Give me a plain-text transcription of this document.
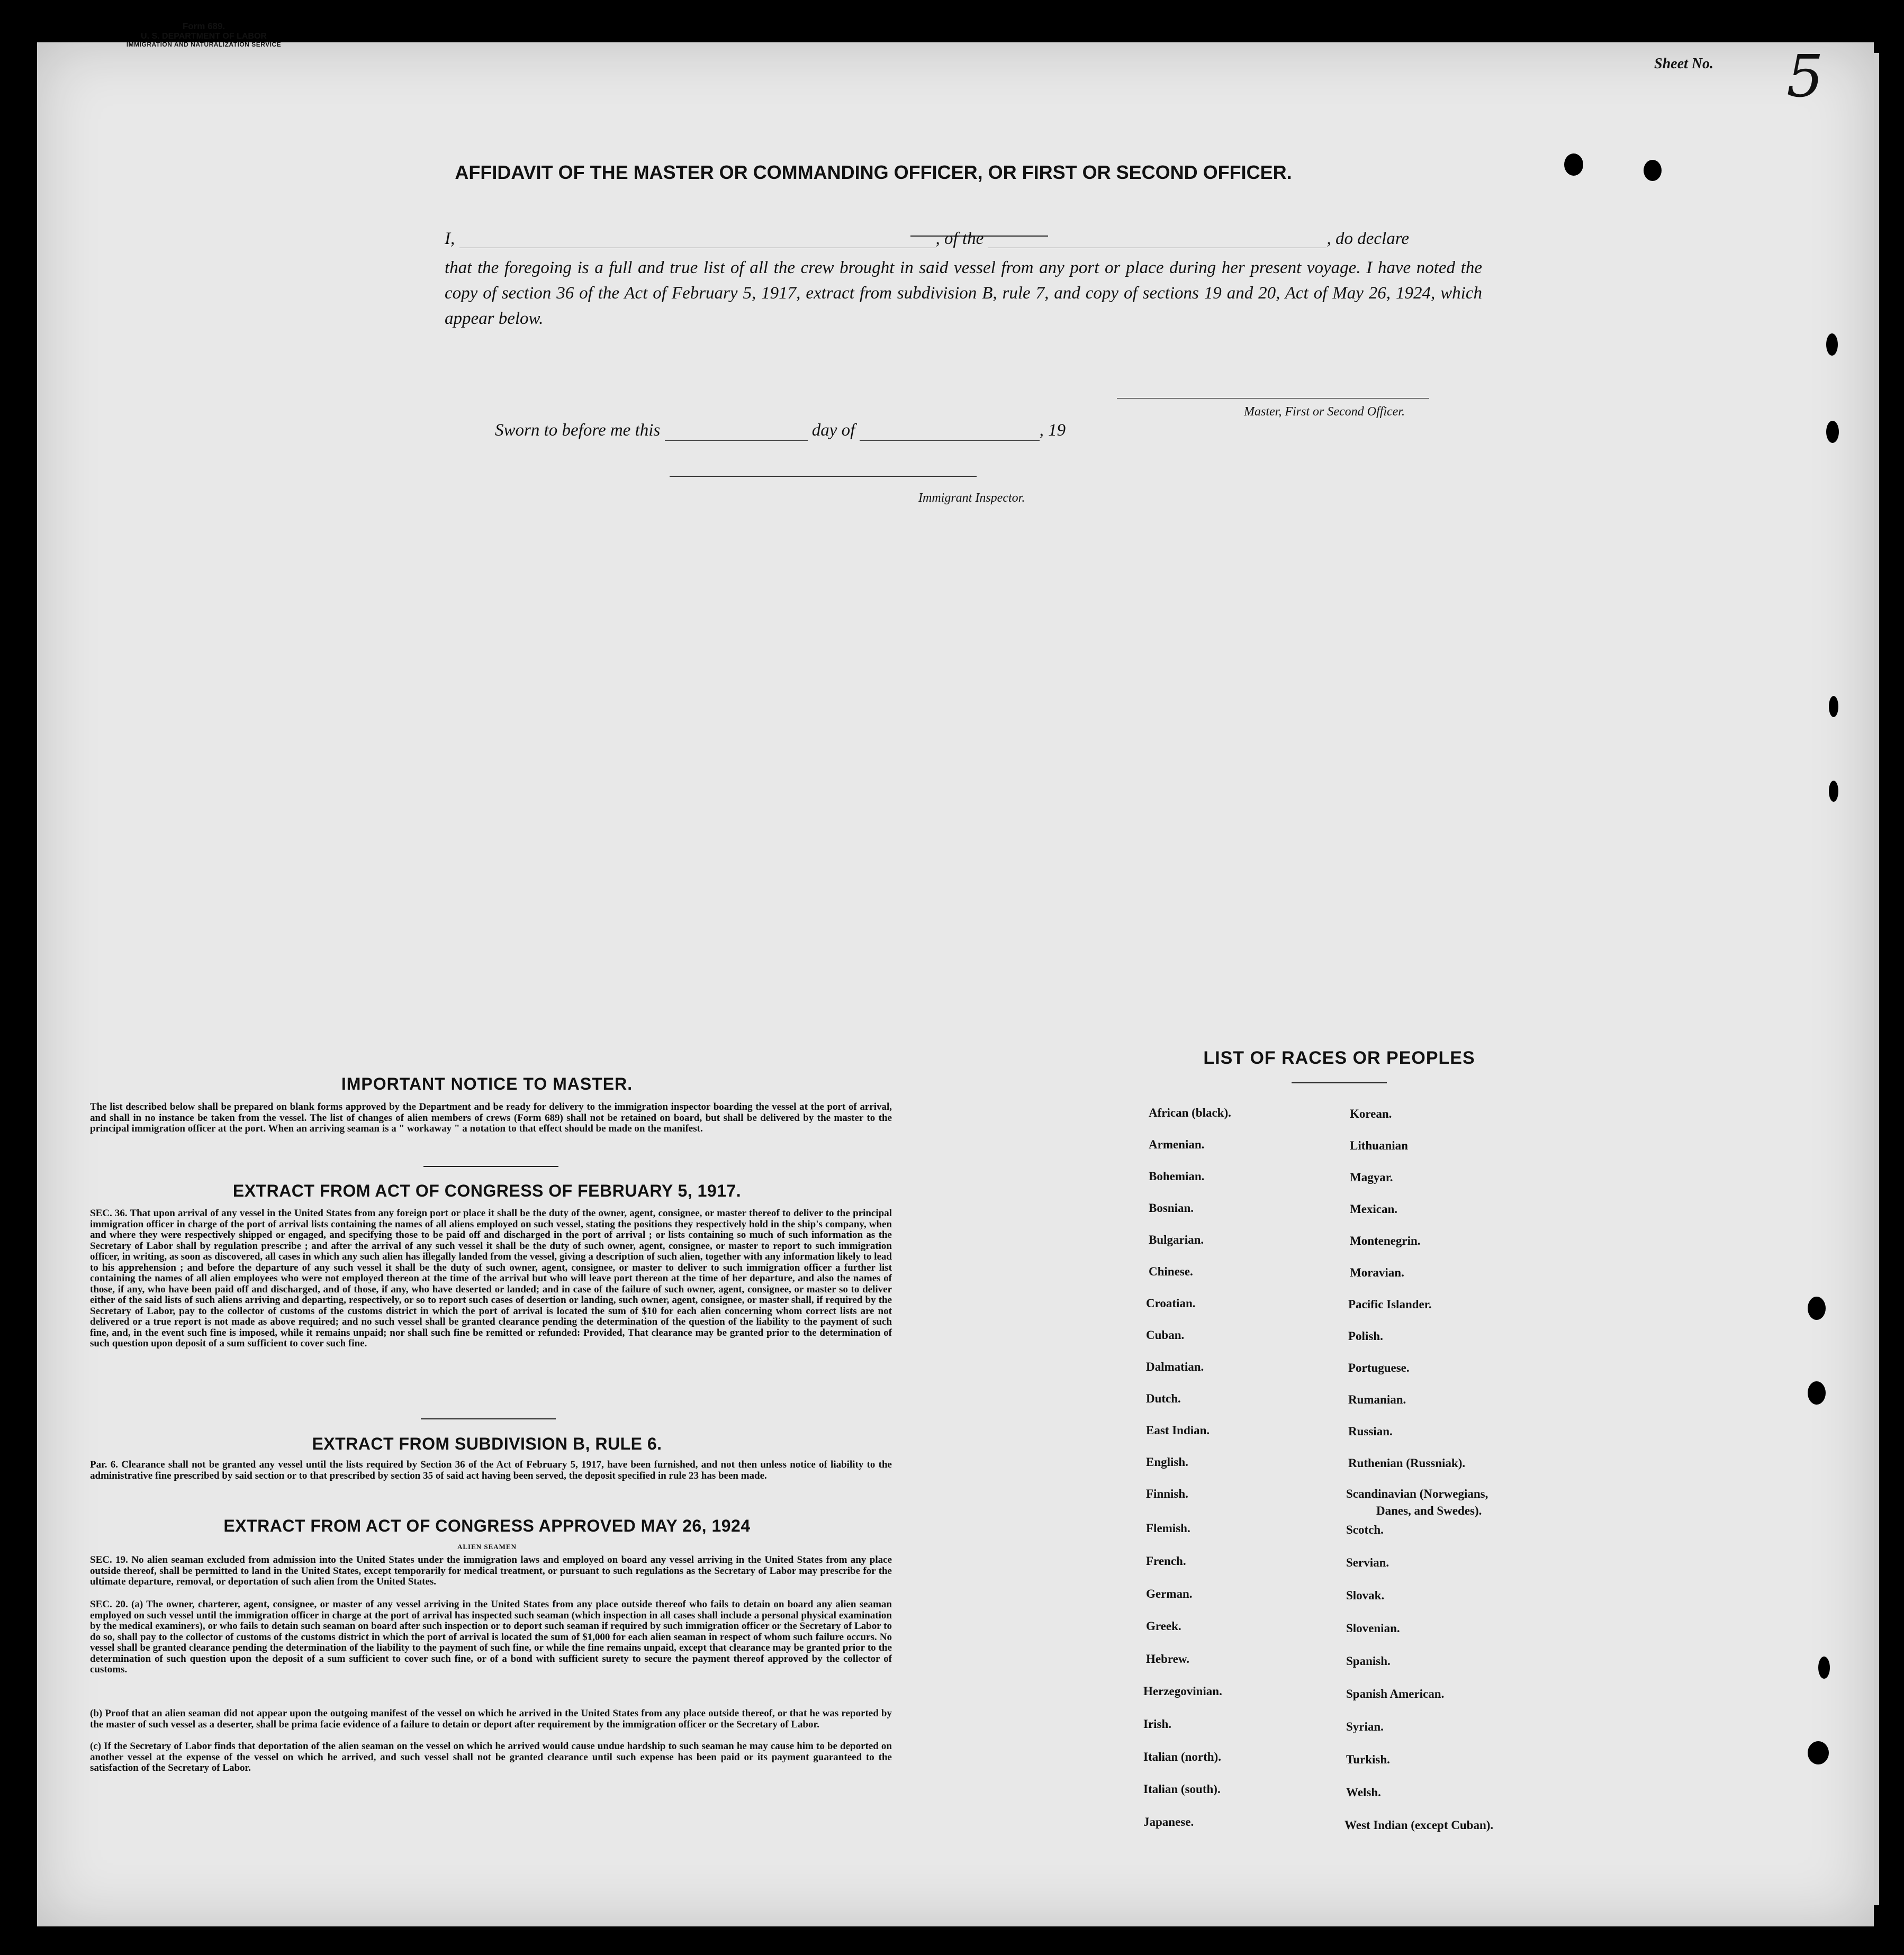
Form 689.
U. S. DEPARTMENT OF LABOR
IMMIGRATION AND NATURALIZATION SERVICE
Sheet No. 5
AFFIDAVIT OF THE MASTER OR COMMANDING OFFICER, OR FIRST OR SECOND OFFICER.
I,	, of the	, do declare
that the foregoing is a full and true list of all the crew brought in said vessel from any port or place during her present voyage. I have noted the copy of section 36 of the Act of February 5, 1917, extract from subdivision B, rule 7, and copy of sections 19 and 20, Act of May 26, 1924, which appear below.
Master, First or Second Officer.
Sworn to before me this	day of	, 19
Immigrant Inspector.
IMPORTANT NOTICE TO MASTER.
The list described below shall be prepared on blank forms approved by the Department and be ready for delivery to the immigration inspector boarding the vessel at the port of arrival, and shall in no instance be taken from the vessel. The list of changes of alien members of crews (Form 689) shall not be retained on board, but shall be delivered by the master to the principal immigration officer at the port. When an arriving seaman is a " workaway " a notation to that effect should be made on the manifest.
EXTRACT FROM ACT OF CONGRESS OF FEBRUARY 5, 1917.
SEC. 36. That upon arrival of any vessel in the United States from any foreign port or place it shall be the duty of the owner, agent, consignee, or master thereof to deliver to the principal immigration officer in charge of the port of arrival lists containing the names of all aliens employed on such vessel, stating the positions they respectively hold in the ship's company, when and where they were respectively shipped or engaged, and specifying those to be paid off and discharged in the port of arrival ; or lists containing so much of such information as the Secretary of Labor shall by regulation prescribe ; and after the arrival of any such vessel it shall be the duty of such owner, agent, consignee, or master to report to such immigration officer, in writing, as soon as discovered, all cases in which any such alien has illegally landed from the vessel, giving a description of such alien, together with any information likely to lead to his apprehension ; and before the departure of any such vessel it shall be the duty of such owner, agent, consignee, or master to deliver to such immigration officer a further list containing the names of all alien employees who were not employed thereon at the time of the arrival but who will leave port thereon at the time of her departure, and also the names of those, if any, who have been paid off and discharged, and of those, if any, who have deserted or landed; and in case of the failure of such owner, agent, consignee, or master so to deliver either of the said lists of such aliens arriving and departing, respectively, or so to report such cases of desertion or landing, such owner, agent, consignee, or master shall, if required by the Secretary of Labor, pay to the collector of customs of the customs district in which the port of arrival is located the sum of $10 for each alien concerning whom correct lists are not delivered or a true report is not made as above required; and no such vessel shall be granted clearance pending the determination of the question of the liability to the payment of such fine, and, in the event such fine is imposed, while it remains unpaid; nor shall such fine be remitted or refunded: Provided, That clearance may be granted prior to the determination of such question upon deposit of a sum sufficient to cover such fine.
EXTRACT FROM SUBDIVISION B, RULE 6.
Par. 6. Clearance shall not be granted any vessel until the lists required by Section 36 of the Act of February 5, 1917, have been furnished, and not then unless notice of liability to the administrative fine prescribed by said section or to that prescribed by section 35 of said act having been served, the deposit specified in rule 23 has been made.
EXTRACT FROM ACT OF CONGRESS APPROVED MAY 26, 1924
ALIEN SEAMEN
SEC. 19. No alien seaman excluded from admission into the United States under the immigration laws and employed on board any vessel arriving in the United States from any place outside thereof, shall be permitted to land in the United States, except temporarily for medical treatment, or pursuant to such regulations as the Secretary of Labor may prescribe for the ultimate departure, removal, or deportation of such alien from the United States.
SEC. 20. (a) The owner, charterer, agent, consignee, or master of any vessel arriving in the United States from any place outside thereof who fails to detain on board any alien seaman employed on such vessel until the immigration officer in charge at the port of arrival has inspected such seaman (which inspection in all cases shall include a personal physical examination by the medical examiners), or who fails to detain such seaman on board after such inspection or to deport such seaman if required by such immigration officer or the Secretary of Labor to do so, shall pay to the collector of customs of the customs district in which the port of arrival is located the sum of $1,000 for each alien seaman in respect of whom such failure occurs. No vessel shall be granted clearance pending the determination of the liability to the payment of such fine, or while the fine remains unpaid, except that clearance may be granted prior to the determination of such question upon the deposit of a sum sufficient to cover such fine, or of a bond with sufficient surety to secure the payment thereof approved by the collector of customs.
(b) Proof that an alien seaman did not appear upon the outgoing manifest of the vessel on which he arrived in the United States from any place outside thereof, or that he was reported by the master of such vessel as a deserter, shall be prima facie evidence of a failure to detain or deport after requirement by the immigration officer or the Secretary of Labor.
(c) If the Secretary of Labor finds that deportation of the alien seaman on the vessel on which he arrived would cause undue hardship to such seaman he may cause him to be deported on another vessel at the expense of the vessel on which he arrived, and such vessel shall not be granted clearance until such expense has been paid or its payment guaranteed to the satisfaction of the Secretary of Labor.
LIST OF RACES OR PEOPLES
African (black).
Armenian.
Bohemian.
Bosnian.
Bulgarian.
Chinese.
Croatian.
Cuban.
Dalmatian.
Dutch.
East Indian.
English.
Finnish.
Flemish.
French.
German.
Greek.
Hebrew.
Herzegovinian.
Irish.
Italian (north).
Italian (south).
Japanese.
Korean.
Lithuanian
Magyar.
Mexican.
Montenegrin.
Moravian.
Pacific Islander.
Polish.
Portuguese.
Rumanian.
Russian.
Ruthenian (Russniak).
Scandinavian (Norwegians,
Danes, and Swedes).
Scotch.
Servian.
Slovak.
Slovenian.
Spanish.
Spanish American.
Syrian.
Turkish.
Welsh.
West Indian (except Cuban).
